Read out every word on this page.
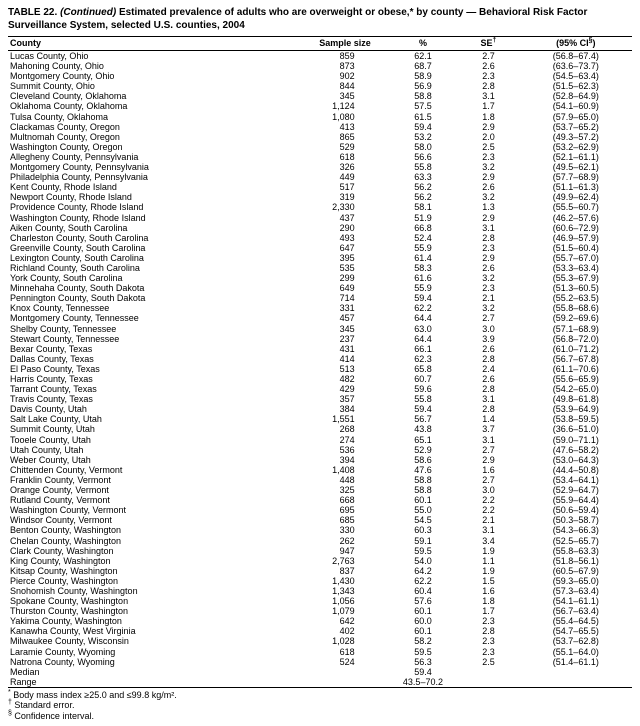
TABLE 22. (Continued) Estimated prevalence of adults who are overweight or obese,* by county — Behavioral Risk Factor Surveillance System, selected U.S. counties, 2004
County	Sample size	%	SE†	(95% CI§)
Lucas County, Ohio	859	62.1	2.7	(56.8–67.4)
Mahoning County, Ohio	873	68.7	2.6	(63.6–73.7)
Montgomery County, Ohio	902	58.9	2.3	(54.5–63.4)
Summit County, Ohio	844	56.9	2.8	(51.5–62.3)
Cleveland County, Oklahoma	345	58.8	3.1	(52.8–64.9)
Oklahoma County, Oklahoma	1,124	57.5	1.7	(54.1–60.9)
Tulsa County, Oklahoma	1,080	61.5	1.8	(57.9–65.0)
Clackamas County, Oregon	413	59.4	2.9	(53.7–65.2)
Multnomah County, Oregon	865	53.2	2.0	(49.3–57.2)
Washington County, Oregon	529	58.0	2.5	(53.2–62.9)
Allegheny County, Pennsylvania	618	56.6	2.3	(52.1–61.1)
Montgomery County, Pennsylvania	326	55.8	3.2	(49.5–62.1)
Philadelphia County, Pennsylvania	449	63.3	2.9	(57.7–68.9)
Kent County, Rhode Island	517	56.2	2.6	(51.1–61.3)
Newport County, Rhode Island	319	56.2	3.2	(49.9–62.4)
Providence County, Rhode Island	2,330	58.1	1.3	(55.5–60.7)
Washington County, Rhode Island	437	51.9	2.9	(46.2–57.6)
Aiken County, South Carolina	290	66.8	3.1	(60.6–72.9)
Charleston County, South Carolina	493	52.4	2.8	(46.9–57.9)
Greenville County, South Carolina	647	55.9	2.3	(51.5–60.4)
Lexington County, South Carolina	395	61.4	2.9	(55.7–67.0)
Richland County, South Carolina	535	58.3	2.6	(53.3–63.4)
York County, South Carolina	299	61.6	3.2	(55.3–67.9)
Minnehaha County, South Dakota	649	55.9	2.3	(51.3–60.5)
Pennington County, South Dakota	714	59.4	2.1	(55.2–63.5)
Knox County, Tennessee	331	62.2	3.2	(55.8–68.6)
Montgomery County, Tennessee	457	64.4	2.7	(59.2–69.6)
Shelby County, Tennessee	345	63.0	3.0	(57.1–68.9)
Stewart County, Tennessee	237	64.4	3.9	(56.8–72.0)
Bexar County, Texas	431	66.1	2.6	(61.0–71.2)
Dallas County, Texas	414	62.3	2.8	(56.7–67.8)
El Paso County, Texas	513	65.8	2.4	(61.1–70.6)
Harris County, Texas	482	60.7	2.6	(55.6–65.9)
Tarrant County, Texas	429	59.6	2.8	(54.2–65.0)
Travis County, Texas	357	55.8	3.1	(49.8–61.8)
Davis County, Utah	384	59.4	2.8	(53.9–64.9)
Salt Lake County, Utah	1,551	56.7	1.4	(53.8–59.5)
Summit County, Utah	268	43.8	3.7	(36.6–51.0)
Tooele County, Utah	274	65.1	3.1	(59.0–71.1)
Utah County, Utah	536	52.9	2.7	(47.6–58.2)
Weber County, Utah	394	58.6	2.9	(53.0–64.3)
Chittenden County, Vermont	1,408	47.6	1.6	(44.4–50.8)
Franklin County, Vermont	448	58.8	2.7	(53.4–64.1)
Orange County, Vermont	325	58.8	3.0	(52.9–64.7)
Rutland County, Vermont	668	60.1	2.2	(55.9–64.4)
Washington County, Vermont	695	55.0	2.2	(50.6–59.4)
Windsor County, Vermont	685	54.5	2.1	(50.3–58.7)
Benton County, Washington	330	60.3	3.1	(54.3–66.3)
Chelan County, Washington	262	59.1	3.4	(52.5–65.7)
Clark County, Washington	947	59.5	1.9	(55.8–63.3)
King County, Washington	2,763	54.0	1.1	(51.8–56.1)
Kitsap County, Washington	837	64.2	1.9	(60.5–67.9)
Pierce County, Washington	1,430	62.2	1.5	(59.3–65.0)
Snohomish County, Washington	1,343	60.4	1.6	(57.3–63.4)
Spokane County, Washington	1,056	57.6	1.8	(54.1–61.1)
Thurston County, Washington	1,079	60.1	1.7	(56.7–63.4)
Yakima County, Washington	642	60.0	2.3	(55.4–64.5)
Kanawha County, West Virginia	402	60.1	2.8	(54.7–65.5)
Milwaukee County, Wisconsin	1,028	58.2	2.3	(53.7–62.8)
Laramie County, Wyoming	618	59.5	2.3	(55.1–64.0)
Natrona County, Wyoming	524	56.3	2.5	(51.4–61.1)
Median		59.4		
Range		43.5–70.2		
* Body mass index ≥25.0 and ≤99.8 kg/m².
† Standard error.
§ Confidence interval.
